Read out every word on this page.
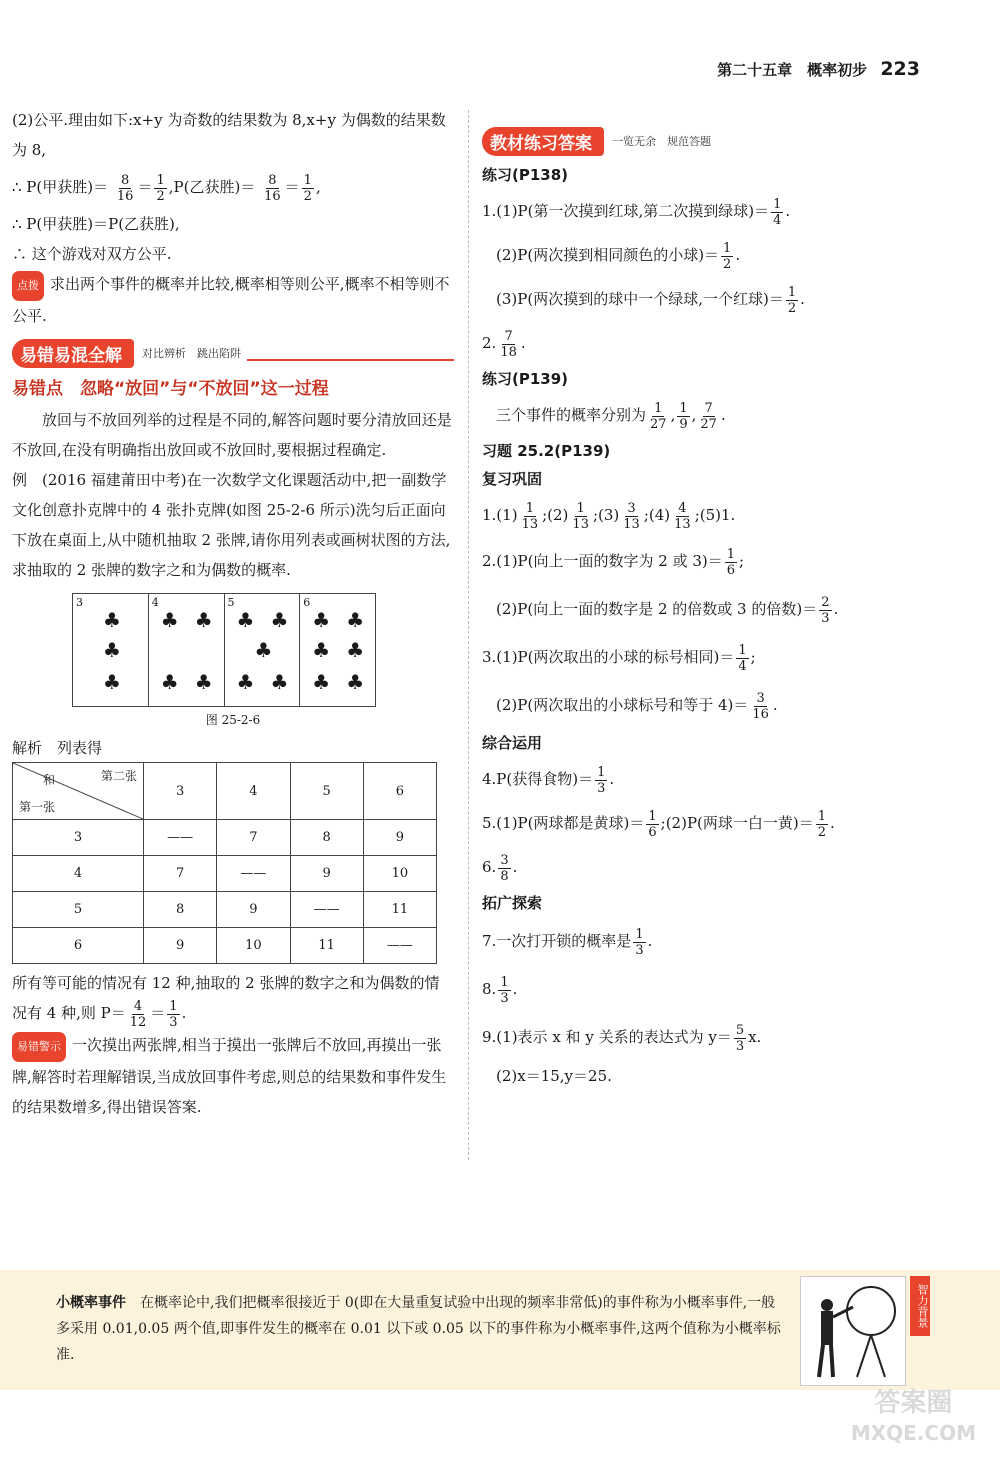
第二十五章　概率初步 223

(2)公平.理由如下:x+y 为奇数的结果数为 8,x+y 为偶数的结果数为 8,

∴ P(甲获胜)＝ $\frac{8}{16} = \frac{1}{2} ,P$(乙获胜)＝ $\frac{8}{16} = \frac{1}{2}$ ,

∴ P(甲获胜)＝P(乙获胜),

∴ 这个游戏对双方公平.

点拨 求出两个事件的概率并比较,概率相等则公平,概率不相等则不公平.

易错易混全解	对比辨析　跳出陷阱
易错点　忽略“放回”与“不放回”这一过程

放回与不放回列举的过程是不同的,解答问题时要分清放回还是不放回,在没有明确指出放回或不放回时,要根据过程确定.

例　(2016 福建莆田中考)在一次数学文化课题活动中,把一副数学文化创意扑克牌中的 4 张扑克牌(如图 25-2-6 所示)洗匀后正面向下放在桌面上,从中随机抽取 2 张牌,请你用列表或画树状图的方法,求抽取的 2 张牌的数字之和为偶数的概率.

3
♣
♣
♣
4
♣ ♣
♣ ♣
5
♣ ♣
♣
♣ ♣
6
♣ ♣
♣ ♣
♣ ♣
图 25-2-6

解析　列表得

第二张
和
第一张	3	4	5	6
3	——	7	8	9
4	7	——	9	10
5	8	9	——	11
6	9	10	11	——

所有等可能的情况有 12 种,抽取的 2 张牌的数字之和为偶数的情况有 4 种,则 $P= \frac{4}{12} = \frac{1}{3}$ .

易错警示 一次摸出两张牌,相当于摸出一张牌后不放回,再摸出一张牌,解答时若理解错误,当成放回事件考虑,则总的结果数和事件发生的结果数增多,得出错误答案.

教材练习答案	一览无余　规范答题
练习(P138)

1.(1)P(第一次摸到红球,第二次摸到绿球)＝ $\frac{1}{4}$ .

(2)P(两次摸到相同颜色的小球)＝ $\frac{1}{2}$ .

(3)P(两次摸到的球中一个绿球,一个红球)＝ $\frac{1}{2}$ .

2. $\frac{7}{18}$ .

练习(P139)

三个事件的概率分别为 $\frac{1}{27}$ , $\frac{1}{9}$ , $\frac{7}{27}$ .

习题 25.2(P139)
复习巩固

$1.(1) \frac{1}{13}$ ;(2) $\frac{1}{13}$ ;(3) $\frac{3}{13}$ ;(4) $\frac{4}{13}$ ;(5)1.

2.(1)P(向上一面的数字为 2 或 $3)= \frac{1}{6}$ ;

(2)P(向上一面的数字是 2 的倍数或 3 的倍数)＝ $\frac{2}{3}$ .

3.(1)P(两次取出的小球的标号相同)＝ $\frac{1}{4}$ ;

(2)P(两次取出的小球标号和等于 $4)= \frac{3}{16}$ .

综合运用

4.P(获得食物)＝ $\frac{1}{3}$ .

5.(1)P(两球都是黄球)＝ $\frac{1}{6}$ ;(2)P(两球一白一黄)＝ $\frac{1}{2}$ .

6. $\frac{3}{8}$ .

拓广探索

7.一次打开锁的概率是 $\frac{1}{3}$ .

8. $\frac{1}{3}$ .

9.(1)表示 x 和 y 关系的表达式为 $y= \frac{5}{3} x$.

(2)x＝15,y＝25.

小概率事件　 在概率论中,我们把概率很接近于 0(即在大量重复试验中出现的频率非常低)的事件称为小概率事件,一般多采用 0.01,0.05 两个值,即事件发生的概率在 0.01 以下或 0.05 以下的事件称为小概率事件,这两个值称为小概率标准.
智力背景
答案圈
MXQE.COM
